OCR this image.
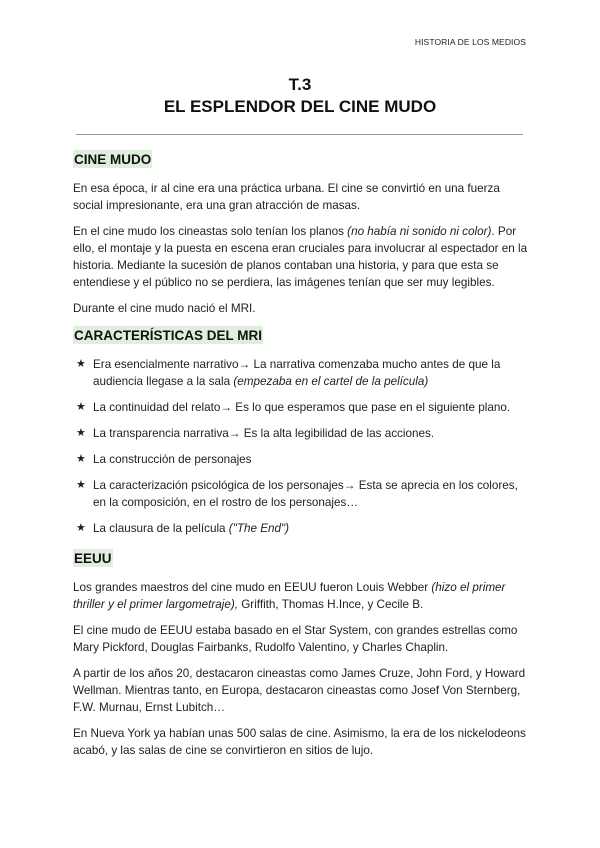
HISTORIA DE LOS MEDIOS
T.3
EL ESPLENDOR DEL CINE MUDO
CINE MUDO

En esa época, ir al cine era una práctica urbana. El cine se convirtió en una fuerza social impresionante, era una gran atracción de masas.

En el cine mudo los cineastas solo tenían los planos (no había ni sonido ni color). Por ello, el montaje y la puesta en escena eran cruciales para involucrar al espectador en la historia. Mediante la sucesión de planos contaban una historia, y para que esta se entendiese y el público no se perdiera, las imágenes tenían que ser muy legibles.

Durante el cine mudo nació el MRI.

CARACTERÍSTICAS DEL MRI
★ Era esencialmente narrativo→ La narrativa comenzaba mucho antes de que la audiencia llegase a la sala (empezaba en el cartel de la película)
★ La continuidad del relato→ Es lo que esperamos que pase en el siguiente plano.
★ La transparencia narrativa→ Es la alta legibilidad de las acciones.
★ La construcción de personajes
★ La caracterización psicológica de los personajes→ Esta se aprecia en los colores, en la composición, en el rostro de los personajes…
★ La clausura de la película ("The End")
EEUU

Los grandes maestros del cine mudo en EEUU fueron Louis Webber (hizo el primer thriller y el primer largometraje), Griffith, Thomas H.Ince, y Cecile B.

El cine mudo de EEUU estaba basado en el Star System, con grandes estrellas como Mary Pickford, Douglas Fairbanks, Rudolfo Valentino, y Charles Chaplin.

A partir de los años 20, destacaron cineastas como James Cruze, John Ford, y Howard Wellman. Mientras tanto, en Europa, destacaron cineastas como Josef Von Sternberg, F.W. Murnau, Ernst Lubitch…

En Nueva York ya habían unas 500 salas de cine. Asimismo, la era de los nickelodeons acabó, y las salas de cine se convirtieron en sitios de lujo.
